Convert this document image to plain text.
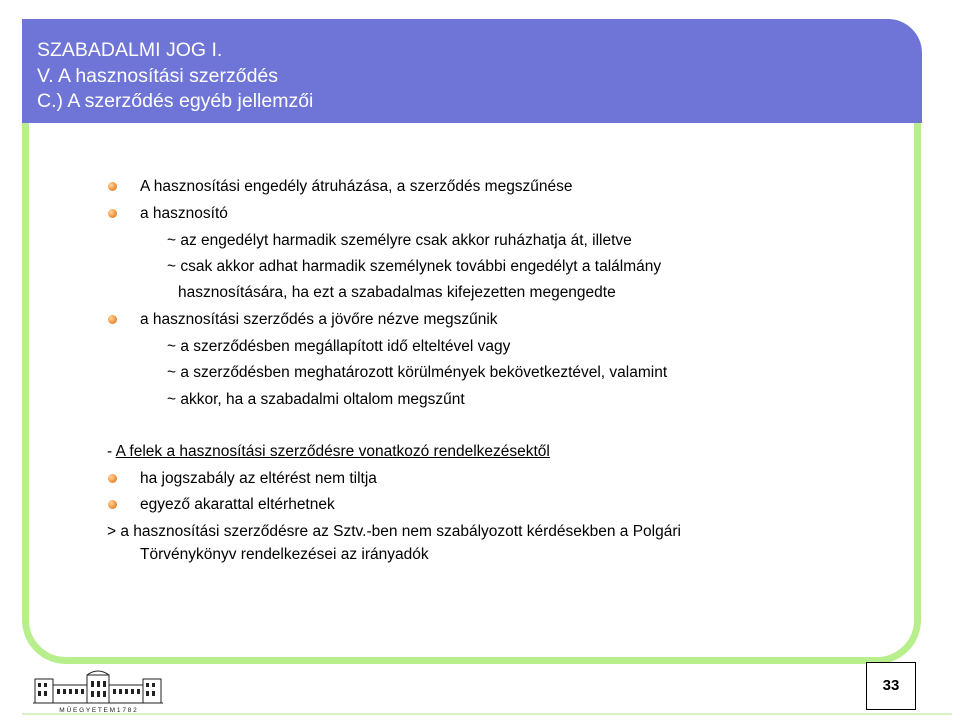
SZABADALMI JOG I.
V. A hasznosítási szerződés
C.) A szerződés egyéb jellemzői
A hasznosítási engedély átruházása, a szerződés megszűnése
a hasznosító
~ az engedélyt harmadik személyre csak akkor ruházhatja át, illetve
~ csak akkor adhat harmadik személynek további engedélyt a találmány
hasznosítására, ha ezt a szabadalmas kifejezetten megengedte
a hasznosítási szerződés a jövőre nézve megszűnik
~ a szerződésben megállapított idő elteltével vagy
~ a szerződésben meghatározott körülmények bekövetkeztével, valamint
~ akkor, ha a szabadalmi oltalom megszűnt
- A felek a hasznosítási szerződésre vonatkozó rendelkezésektől
ha jogszabály az eltérést nem tiltja
egyező akarattal eltérhetnek
> a hasznosítási szerződésre az Sztv.-ben nem szabályozott kérdésekben a Polgári
Törvénykönyv rendelkezései az irányadók
M Ű E G Y E T E M 1 7 8 2
33
